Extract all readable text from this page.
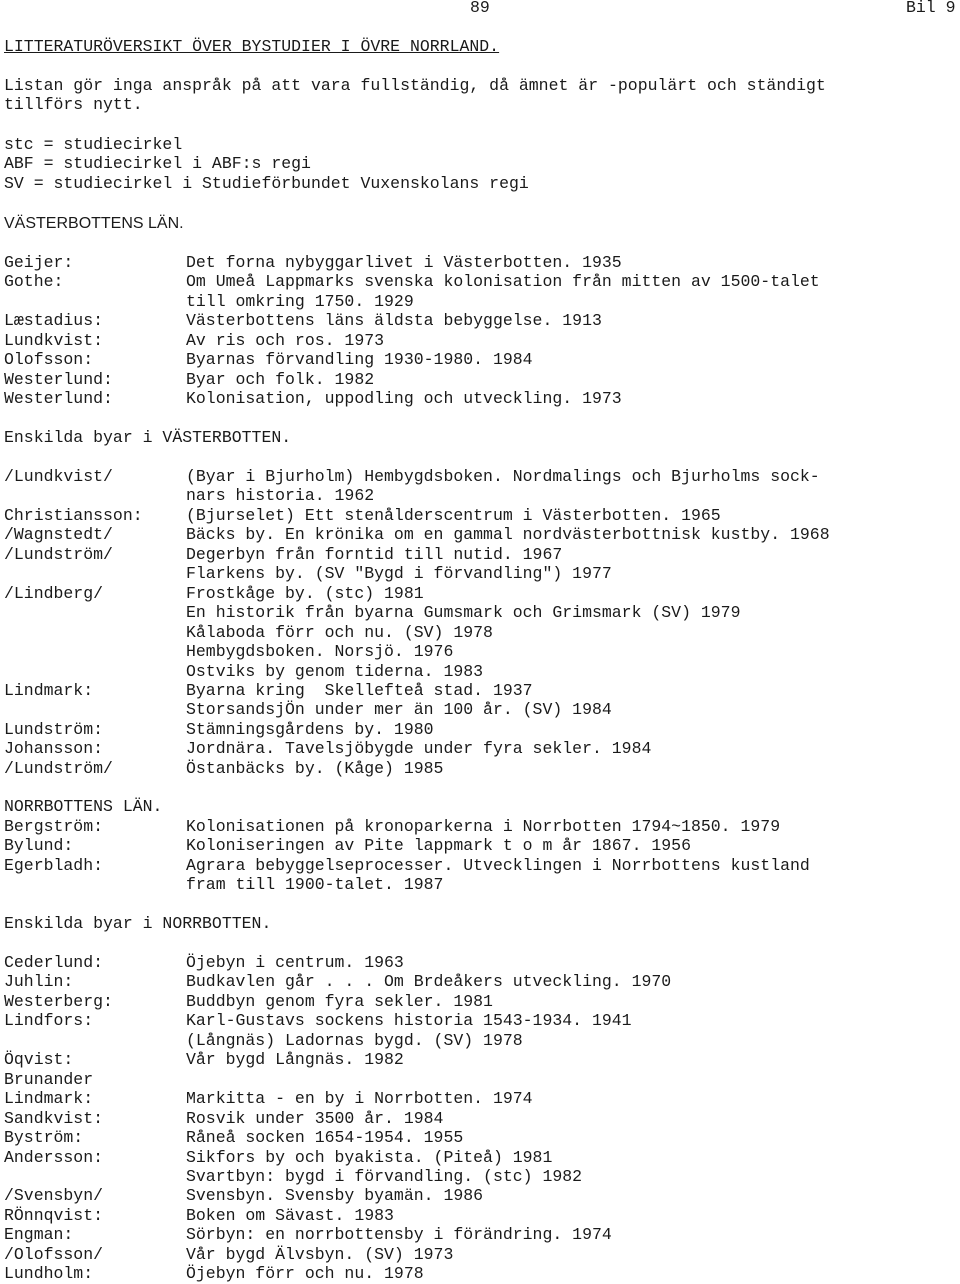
89	Bil 9
LITTERATURÖVERSIKT ÖVER BYSTUDIER I ÖVRE NORRLAND.
Listan gör inga anspråk på att vara fullständig, då ämnet är -populärt och ständigt
tillförs nytt.
stc = studiecirkel
ABF = studiecirkel i ABF:s regi
SV = studiecirkel i Studieförbundet Vuxenskolans regi
VÄSTERBOTTENS LÄN.
Geijer:	Det forna nybyggarlivet i Västerbotten. 1935
Gothe:	Om Umeå Lappmarks svenska kolonisation från mitten av 1500-talet
till omkring 1750. 1929
Læstadius:	Västerbottens läns äldsta bebyggelse. 1913
Lundkvist:	Av ris och ros. 1973
Olofsson:	Byarnas förvandling 1930-1980. 1984
Westerlund:	Byar och folk. 1982
Westerlund:	Kolonisation, uppodling och utveckling. 1973
Enskilda byar i VÄSTERBOTTEN.
/Lundkvist/	(Byar i Bjurholm) Hembygdsboken. Nordmalings och Bjurholms sock-
nars historia. 1962
Christiansson:	(Bjurselet) Ett stenålderscentrum i Västerbotten. 1965
/Wagnstedt/	Bäcks by. En krönika om en gammal nordvästerbottnisk kustby. 1968
/Lundström/	Degerbyn från forntid till nutid. 1967
Flarkens by. (SV "Bygd i förvandling") 1977
/Lindberg/	Frostkåge by. (stc) 1981
En historik från byarna Gumsmark och Grimsmark (SV) 1979
Kålaboda förr och nu. (SV) 1978
Hembygdsboken. Norsjö. 1976
Ostviks by genom tiderna. 1983
Lindmark:	Byarna kring  Skellefteå stad. 1937
StorsandsjÖn under mer än 100 år. (SV) 1984
Lundström:	Stämningsgårdens by. 1980
Johansson:	Jordnära. Tavelsjöbygde under fyra sekler. 1984
/Lundström/	Östanbäcks by. (Kåge) 1985
NORRBOTTENS LÄN.
Bergström:	Kolonisationen på kronoparkerna i Norrbotten 1794~1850. 1979
Bylund:	Koloniseringen av Pite lappmark t o m år 1867. 1956
Egerbladh:	Agrara bebyggelseprocesser. Utvecklingen i Norrbottens kustland
fram till 1900-talet. 1987
Enskilda byar i NORRBOTTEN.
Cederlund:	Öjebyn i centrum. 1963
Juhlin:	Budkavlen går . . . Om Brdeåkers utveckling. 1970
Westerberg:	Buddbyn genom fyra sekler. 1981
Lindfors:	Karl-Gustavs sockens historia 1543-1934. 1941
(Långnäs) Ladornas bygd. (SV) 1978
Öqvist:	Vår bygd Långnäs. 1982
Brunander
Lindmark:	Markitta - en by i Norrbotten. 1974
Sandkvist:	Rosvik under 3500 år. 1984
Byström:	Råneå socken 1654-1954. 1955
Andersson:	Sikfors by och byakista. (Piteå) 1981
Svartbyn: bygd i förvandling. (stc) 1982
/Svensbyn/	Svensbyn. Svensby byamän. 1986
RÖnnqvist:	Boken om Sävast. 1983
Engman:	Sörbyn: en norrbottensby i förändring. 1974
/Olofsson/	Vår bygd Älvsbyn. (SV) 1973
Lundholm:	Öjebyn förr och nu. 1978
